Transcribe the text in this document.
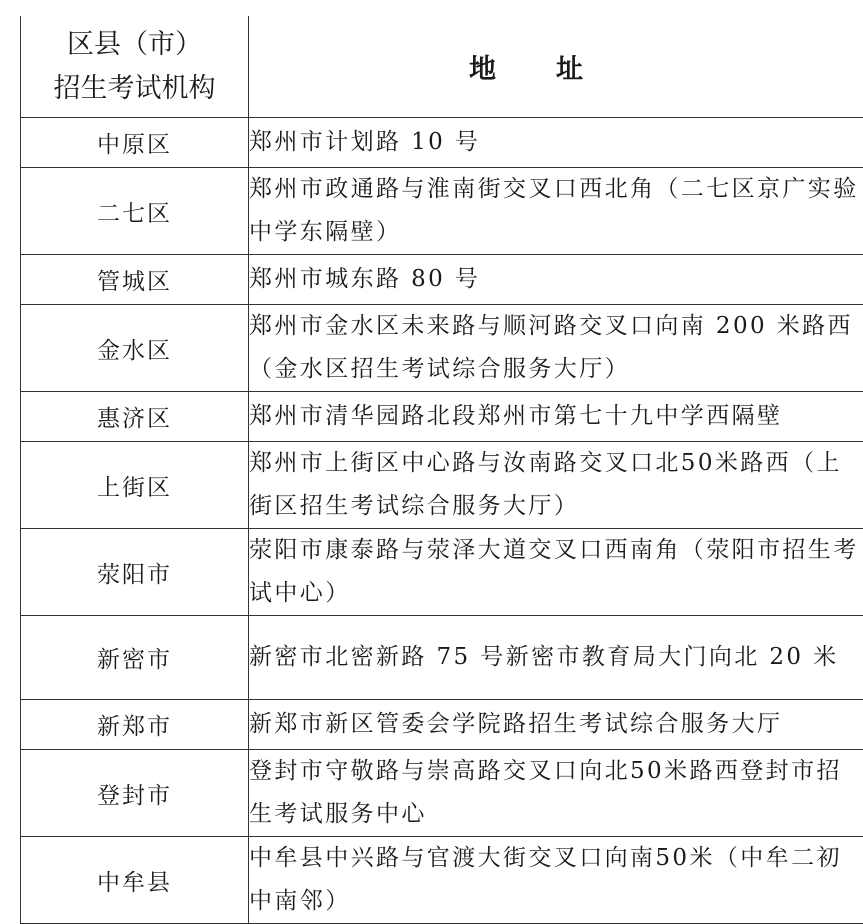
区县（市）
招生考试机构	地址
中原区	郑州市计划路 10 号
二七区	郑州市政通路与淮南街交叉口西北角（二七区京广实验中学东隔壁）
管城区	郑州市城东路 80 号
金水区	郑州市金水区未来路与顺河路交叉口向南 200 米路西（金水区招生考试综合服务大厅）
惠济区	郑州市清华园路北段郑州市第七十九中学西隔壁
上街区	郑州市上街区中心路与汝南路交叉口北50米路西（上街区招生考试综合服务大厅）
荥阳市	荥阳市康泰路与荥泽大道交叉口西南角（荥阳市招生考试中心）
新密市	新密市北密新路 75 号新密市教育局大门向北 20 米
新郑市	新郑市新区管委会学院路招生考试综合服务大厅
登封市	登封市守敬路与崇高路交叉口向北50米路西登封市招生考试服务中心
中牟县	中牟县中兴路与官渡大街交叉口向南50米（中牟二初中南邻）
